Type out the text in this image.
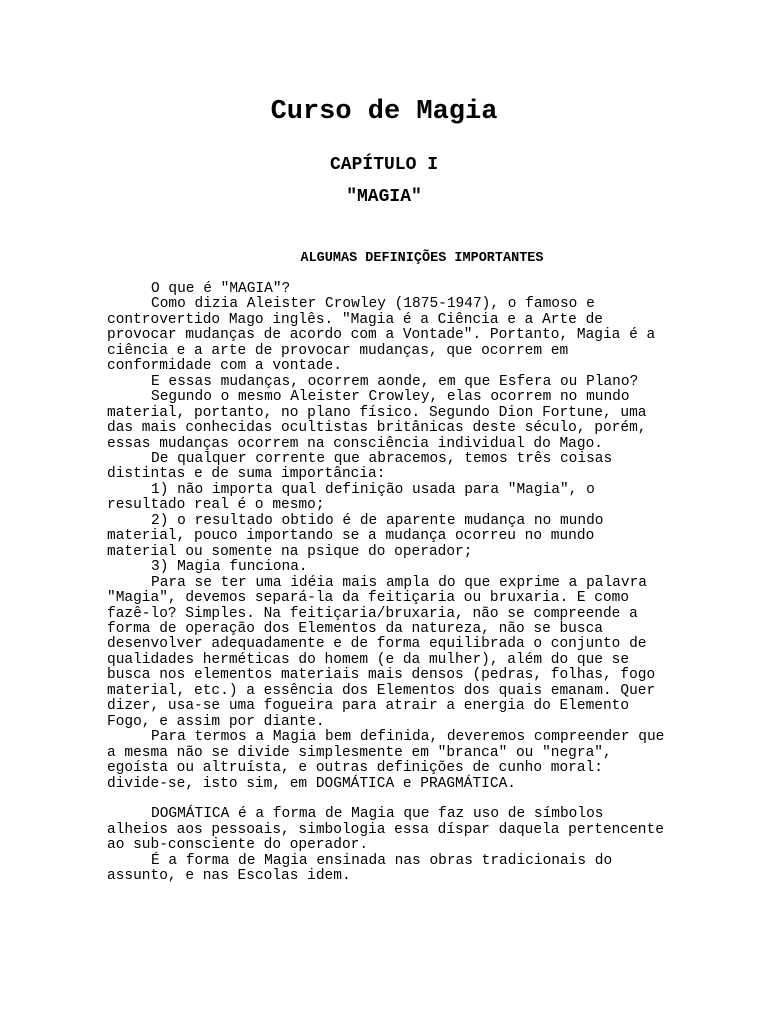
Curso de Magia
CAPÍTULO I
"MAGIA"
ALGUMAS DEFINIÇÕES IMPORTANTES

O que é "MAGIA"?

Como dizia Aleister Crowley (1875-1947), o famoso e controvertido Mago inglês. "Magia é a Ciência e a Arte de provocar mudanças de acordo com a Vontade". Portanto, Magia é a ciência e a arte de provocar mudanças, que ocorrem em conformidade com a vontade.

E essas mudanças, ocorrem aonde, em que Esfera ou Plano?

Segundo o mesmo Aleister Crowley, elas ocorrem no mundo material, portanto, no plano físico. Segundo Dion Fortune, uma das mais conhecidas ocultistas britânicas deste século, porém, essas mudanças ocorrem na consciência individual do Mago.

De qualquer corrente que abracemos, temos três coisas distintas e de suma importância:

1) não importa qual definição usada para "Magia", o resultado real é o mesmo;

2) o resultado obtido é de aparente mudança no mundo material, pouco importando se a mudança ocorreu no mundo material ou somente na psique do operador;

3) Magia funciona.

Para se ter uma idéia mais ampla do que exprime a palavra "Magia", devemos separá-la da feitiçaria ou bruxaria. E como fazê-lo? Simples. Na feitiçaria/bruxaria, não se compreende a forma de operação dos Elementos da natureza, não se busca desenvolver adequadamente e de forma equilibrada o conjunto de qualidades herméticas do homem (e da mulher), além do que se busca nos elementos materiais mais densos (pedras, folhas, fogo material, etc.) a essência dos Elementos dos quais emanam. Quer dizer, usa-se uma fogueira para atrair a energia do Elemento Fogo, e assim por diante.

Para termos a Magia bem definida, deveremos compreender que a mesma não se divide simplesmente em "branca" ou "negra", egoísta ou altruísta, e outras definições de cunho moral: divide-se, isto sim, em DOGMÁTICA e PRAGMÁTICA.

DOGMÁTICA é a forma de Magia que faz uso de símbolos alheios aos pessoais, simbologia essa díspar daquela pertencente ao sub-consciente do operador.

É a forma de Magia ensinada nas obras tradicionais do assunto, e nas Escolas idem.
